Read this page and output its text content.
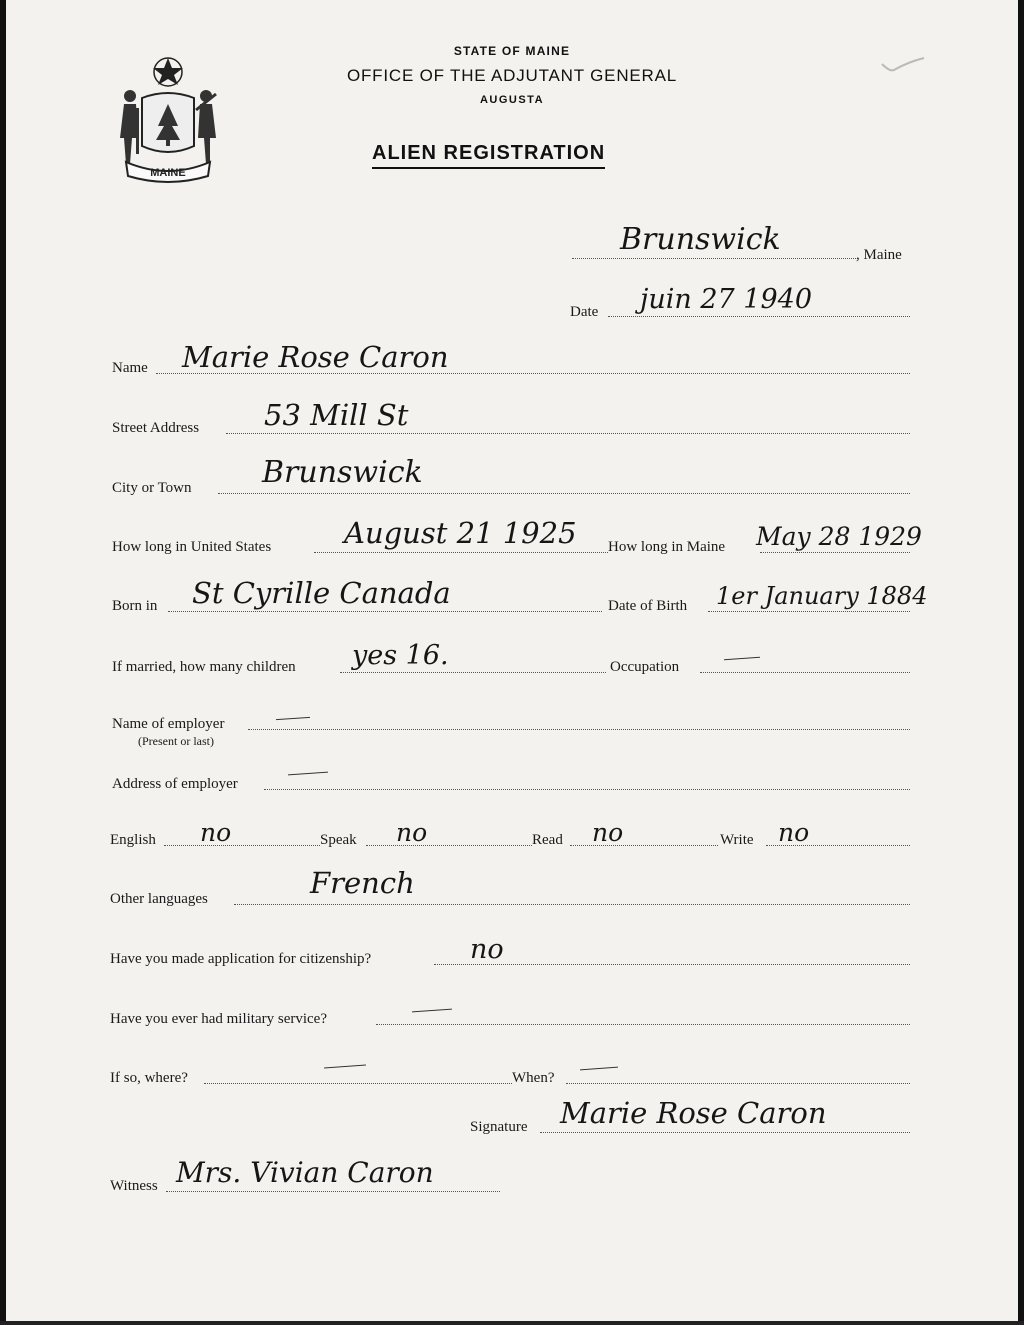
MAINE
STATE OF MAINE
OFFICE OF THE ADJUTANT GENERAL
AUGUSTA
ALIEN REGISTRATION
Brunswick	, Maine
Date juin 27 1940
Name Marie Rose Caron
Street Address 53 Mill St
City or Town Brunswick
How long in United States	August 21 1925 How long in Maine May 28 1929
Born in St Cyrille Canada	Date of Birth 1er January 1884
If married, how many children yes 16.	Occupation
Name of employer
(Present or last)
Address of employer
English no	Speak no	Read no	Write no
Other languages	French
Have you made application for citizenship?	no
Have you ever had military service?
If so, where?	When?
Signature Marie Rose Caron
Witness Mrs. Vivian Caron
